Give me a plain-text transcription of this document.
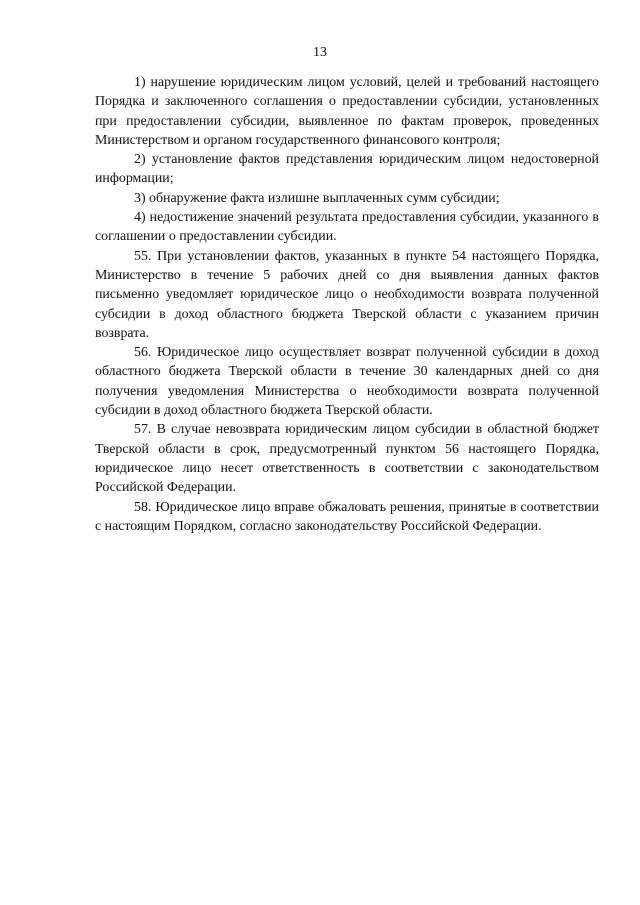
13

1) нарушение юридическим лицом условий, целей и требований настоящего Порядка и заключенного соглашения о предоставлении субсидии, установленных при предоставлении субсидии, выявленное по фактам проверок, проведенных Министерством и органом государственного финансового контроля;

2) установление фактов представления юридическим лицом недостоверной информации;

3) обнаружение факта излишне выплаченных сумм субсидии;

4) недостижение значений результата предоставления субсидии, указанного в соглашении о предоставлении субсидии.

55. При установлении фактов, указанных в пункте 54 настоящего Порядка, Министерство в течение 5 рабочих дней со дня выявления данных фактов письменно уведомляет юридическое лицо о необходимости возврата полученной субсидии в доход областного бюджета Тверской области с указанием причин возврата.

56. Юридическое лицо осуществляет возврат полученной субсидии в доход областного бюджета Тверской области в течение 30 календарных дней со дня получения уведомления Министерства о необходимости возврата полученной субсидии в доход областного бюджета Тверской области.

57. В случае невозврата юридическим лицом субсидии в областной бюджет Тверской области в срок, предусмотренный пунктом 56 настоящего Порядка, юридическое лицо несет ответственность в соответствии с законодательством Российской Федерации.

58. Юридическое лицо вправе обжаловать решения, принятые в соответствии с настоящим Порядком, согласно законодательству Российской Федерации.
